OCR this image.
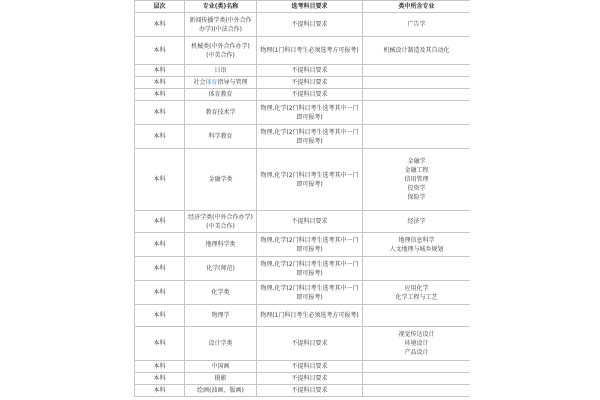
层次	专业(类)名称	选考科目要求	类中所含专业
本科	新闻传播学类(中外合作办学)(中法合作)	不提科目要求	广告学

本科	机械类(中外合作办学)(中美合作)	物理(1门科目考生必须选考方可报考)	机械设计制造及其自动化

本科	日语	不提科目要求	
本科	社会体育指导与管理	不提科目要求	
本科	体育教育	不提科目要求	
本科	教育技术学	物理,化学(2门科目考生选考其中一门即可报考)	
本科	科学教育	物理,化学(2门科目考生选考其中一门即可报考)	
本科	金融学类	物理,化学(2门科目考生选考其中一门即可报考)	金融学
金融工程
信用管理
投资学
保险学

本科	经济学类(中外合作办学)(中美合作)	不提科目要求	经济学

本科	地理科学类	物理,化学(2门科目考生选考其中一门即可报考)	地理信息科学
人文地理与城乡规划

本科	化学(师范)	物理,化学(2门科目考生选考其中一门即可报考)	
本科	化学类	物理,化学(2门科目考生选考其中一门即可报考)	应用化学
化学工程与工艺

本科	物理学	物理(1门科目考生必须选考方可报考)	
本科	设计学类	不提科目要求	视觉传达设计
环境设计
产品设计

本科	中国画	不提科目要求	
本科	摄影	不提科目要求	
本科	绘画(油画、版画)	不提科目要求	
